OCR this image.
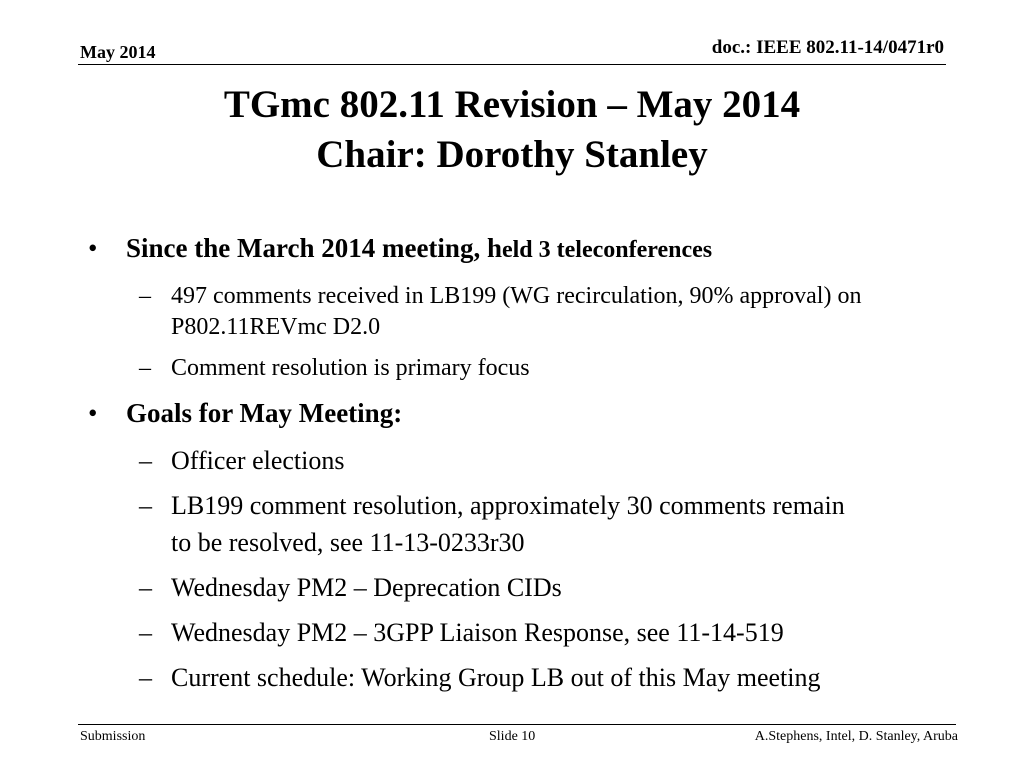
May 2014	doc.: IEEE 802.11-14/0471r0
TGmc 802.11 Revision – May 2014
Chair: Dorothy Stanley
• Since the March 2014 meeting, held 3 teleconferences
– 497 comments received in LB199 (WG recirculation, 90% approval) on
P802.11REVmc D2.0
– Comment resolution is primary focus
• Goals for May Meeting:
– Officer elections
– LB199 comment resolution, approximately 30 comments remain
to be resolved, see 11-13-0233r30
– Wednesday PM2 – Deprecation CIDs
– Wednesday PM2 – 3GPP Liaison Response, see 11-14-519
– Current schedule: Working Group LB out of this May meeting
Submission	Slide 10	A.Stephens, Intel, D. Stanley, Aruba
